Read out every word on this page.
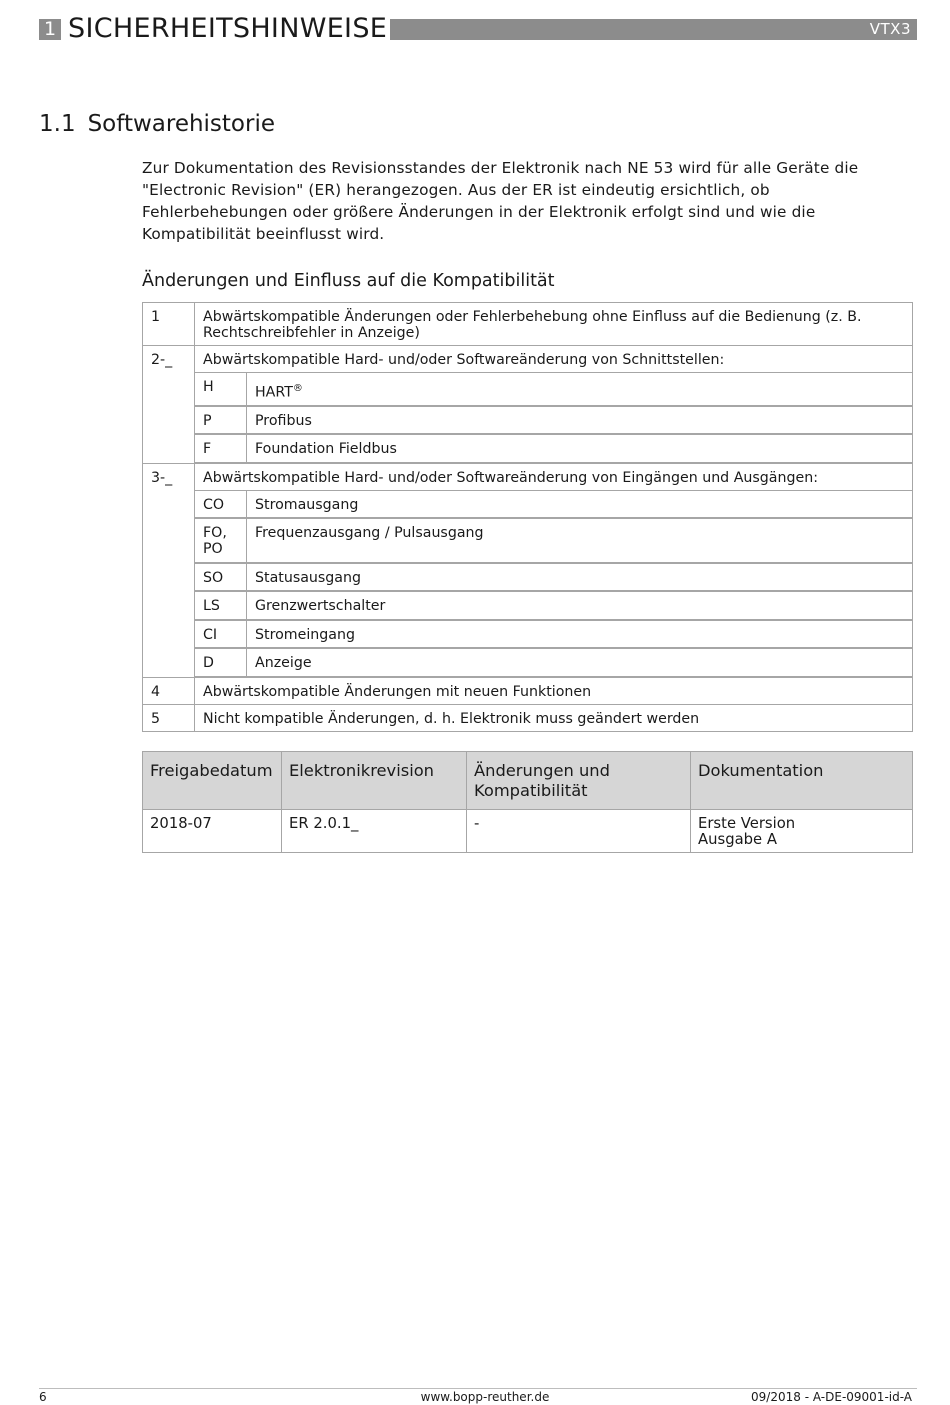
1 SICHERHEITSHINWEISE	VTX3
1.1 Softwarehistorie
Zur Dokumentation des Revisionsstandes der Elektronik nach NE 53 wird für alle Geräte die "Electronic Revision" (ER) herangezogen. Aus der ER ist eindeutig ersichtlich, ob Fehlerbehebungen oder größere Änderungen in der Elektronik erfolgt sind und wie die Kompatibilität beeinflusst wird.
Änderungen und Einfluss auf die Kompatibilität
1	Abwärtskompatible Änderungen oder Fehlerbehebung ohne Einfluss auf die Bedienung (z. B. Rechtschreibfehler in Anzeige)
2-_	Abwärtskompatible Hard- und/oder Softwareänderung von Schnittstellen:

H	HART®

P	Profibus

F	Foundation Fieldbus

3-_	Abwärtskompatible Hard- und/oder Softwareänderung von Eingängen und Ausgängen:

CO	Stromausgang

FO, PO	Frequenzausgang / Pulsausgang

SO	Statusausgang

LS	Grenzwertschalter

CI	Stromeingang

D	Anzeige

4	Abwärtskompatible Änderungen mit neuen Funktionen
5	Nicht kompatible Änderungen, d. h. Elektronik muss geändert werden
Freigabedatum	Elektronikrevision	Änderungen und Kompatibilität	Dokumentation
2018-07	ER 2.0.1_	-	Erste Version
Ausgabe A
6	www.bopp-reuther.de	09/2018 - A-DE-09001-id-A
